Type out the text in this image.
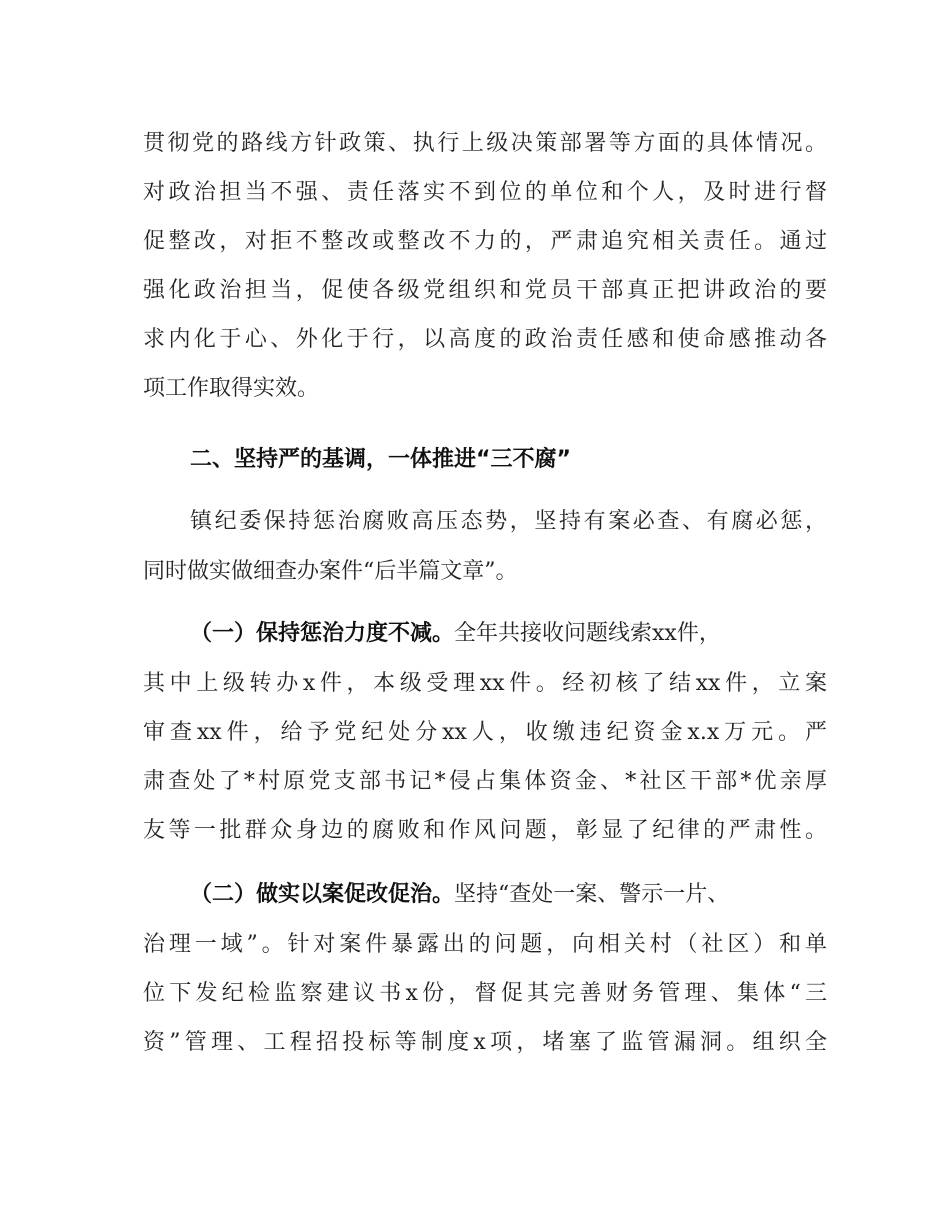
贯彻党的路线方针政策、执行上级决策部署等方面的具体情况。
对政治担当不强、责任落实不到位的单位和个人，及时进行督
促整改，对拒不整改或整改不力的，严肃追究相关责任。通过
强化政治担当，促使各级党组织和党员干部真正把讲政治的要
求内化于心、外化于行，以高度的政治责任感和使命感推动各
项工作取得实效。
二、坚持严的基调，一体推进“三不腐”
镇纪委保持惩治腐败高压态势，坚持有案必查、有腐必惩，
同时做实做细查办案件“后半篇文章”。
（一）保持惩治力度不减。全年共接收问题线索xx件，
其中上级转办x件，本级受理xx件。经初核了结xx件，立案
审查xx件，给予党纪处分xx人，收缴违纪资金x.x万元。严
肃查处了*村原党支部书记*侵占集体资金、*社区干部*优亲厚
友等一批群众身边的腐败和作风问题，彰显了纪律的严肃性。
（二）做实以案促改促治。坚持“查处一案、警示一片、
治理一域”。针对案件暴露出的问题，向相关村（社区）和单
位下发纪检监察建议书x份，督促其完善财务管理、集体“三
资”管理、工程招投标等制度x项，堵塞了监管漏洞。组织全
